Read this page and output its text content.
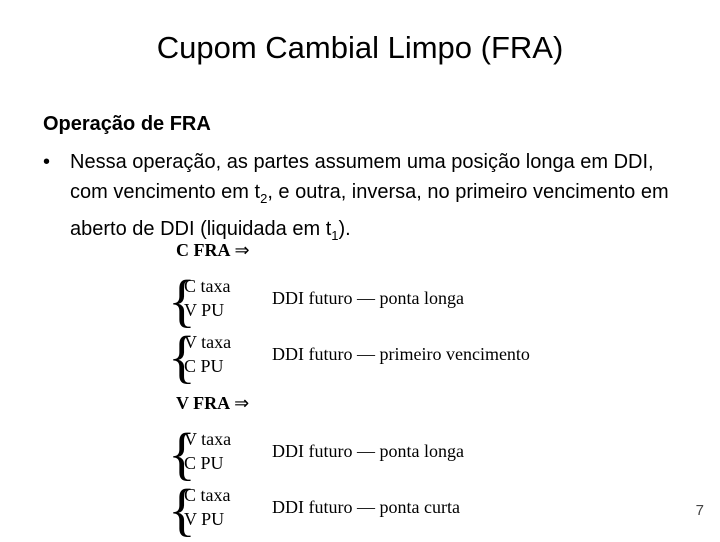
Cupom Cambial Limpo (FRA)
Operação de FRA
• Nessa operação, as partes assumem uma posição longa em DDI, com vencimento em $t_2$, e outra, inversa, no primeiro vencimento em aberto de DDI (liquidada em $t_1$).
C FRA ⇒
{
C taxa
V PU
DDI futuro — ponta longa
{
V taxa
C PU
DDI futuro — primeiro vencimento
V FRA ⇒
{
V taxa
C PU
DDI futuro — ponta longa
{
C taxa
V PU
DDI futuro — ponta curta	7
